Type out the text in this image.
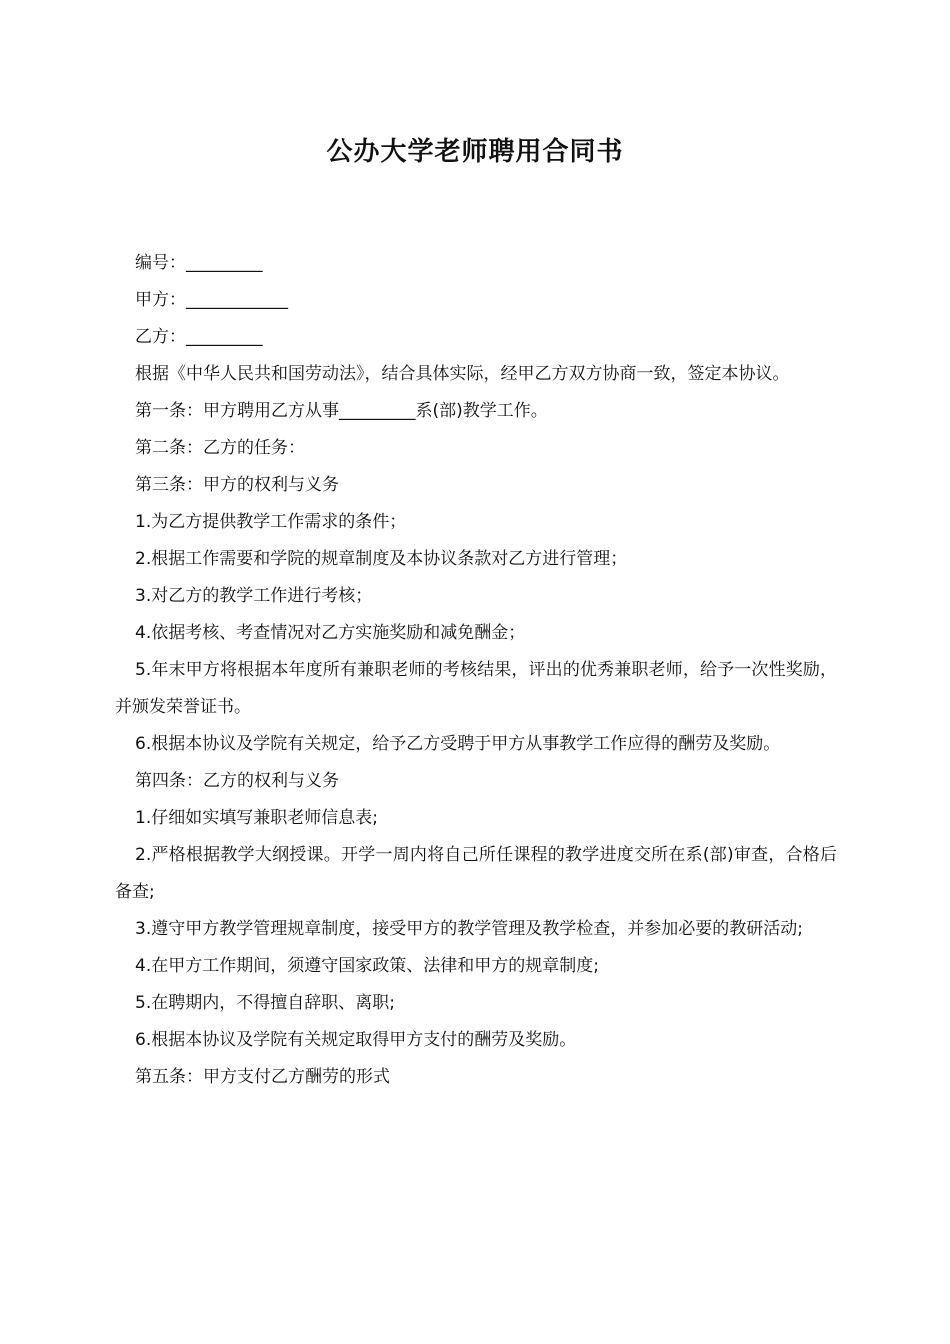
公办大学老师聘用合同书

编号：_________

甲方：____________

乙方：_________

根据《中华人民共和国劳动法》，结合具体实际，经甲乙方双方协商一致，签定本协议。

第一条：甲方聘用乙方从事_________系(部)教学工作。

第二条：乙方的任务：

第三条：甲方的权利与义务

1.为乙方提供教学工作需求的条件；

2.根据工作需要和学院的规章制度及本协议条款对乙方进行管理；

3.对乙方的教学工作进行考核；

4.依据考核、考查情况对乙方实施奖励和减免酬金；

5.年末甲方将根据本年度所有兼职老师的考核结果，评出的优秀兼职老师，给予一次性奖励，并颁发荣誉证书。

6.根据本协议及学院有关规定，给予乙方受聘于甲方从事教学工作应得的酬劳及奖励。

第四条：乙方的权利与义务

1.仔细如实填写兼职老师信息表;

2.严格根据教学大纲授课。开学一周内将自己所任课程的教学进度交所在系(部)审查，合格后备查;

3.遵守甲方教学管理规章制度，接受甲方的教学管理及教学检查，并参加必要的教研活动;

4.在甲方工作期间，须遵守国家政策、法律和甲方的规章制度;

5.在聘期内，不得擅自辞职、离职;

6.根据本协议及学院有关规定取得甲方支付的酬劳及奖励。

第五条：甲方支付乙方酬劳的形式
